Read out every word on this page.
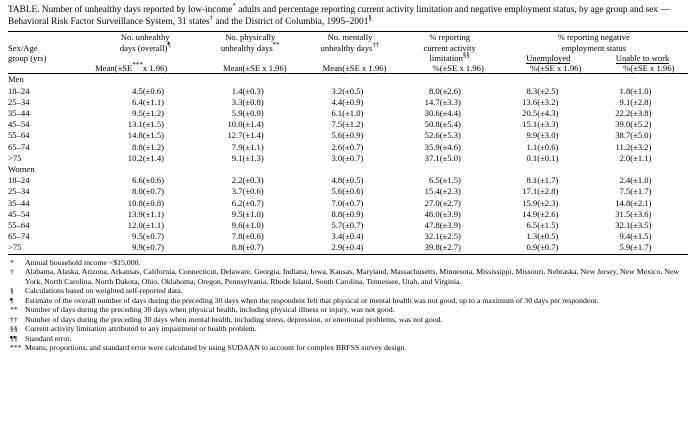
TABLE. Number of unhealthy days reported by low-income* adults and percentage reporting current activity limitation and negative employment status, by age group and sex — Behavioral Risk Factor Surveillance System, 31 states† and the District of Columbia, 1995–2001§
	No. unhealthy		No. physically		No. mentally		% reporting		% reporting negative			
Sex/Age	days (overall)¶		unhealthy days**		unhealthy days††		current activity		employment status			
group (yrs)							limitation§§		Unemployed		Unable to work	
	Mean(±SE***	x 1.96)	Mean	(±SE x 1.96)	Mean	(±SE x 1.96)	%	(±SE x 1.96)	%	(±SE x 1.96)	%	(±SE x 1.96)
Men												
18–24	4.5	(±0.6)	1.4	(±0.3)	3.2	(±0.5)	8.0	(±2.6)	8.3	(±2.5)	1.8	(±1.0)
25–34	6.4	(±1.1)	3.3	(±0.8)	4.4	(±0.9)	14.7	(±3.3)	13.6	(±3.2)	9.1	(±2.8)
35–44	9.5	(±1.2)	5.9	(±0.9)	6.1	(±1.0)	30.6	(±4.4)	20.5	(±4.3)	22.2	(±3.8)
45–54	13.1	(±1.5)	10.0	(±1.4)	7.5	(±1.2)	50.8	(±5.4)	15.1	(±3.3)	39.0	(±5.2)
55–64	14.8	(±1.5)	12.7	(±1.4)	5.6	(±0.9)	52.6	(±5.3)	9.9	(±3.0)	38.7	(±5.0)
65–74	8.8	(±1.2)	7.9	(±1.1)	2.6	(±0.7)	35.9	(±4.6)	1.1	(±0.6)	11.2	(±3.2)
>75	10.2	(±1.4)	9.1	(±1.3)	3.0	(±0.7)	37.1	(±5.0)	0.1	(±0.1)	2.0	(±1.1)
Women												
18–24	6.6	(±0.6)	2.2	(±0.3)	4.8	(±0.5)	6.5	(±1.5)	8.1	(±1.7)	2.4	(±1.0)
25–34	8.0	(±0.7)	3.7	(±0.6)	5.6	(±0.6)	15.4	(±2.3)	17.1	(±2.8)	7.5	(±1.7)
35–44	10.8	(±0.8)	6.2	(±0.7)	7.0	(±0.7)	27.0	(±2.7)	15.9	(±2.3)	14.8	(±2.1)
45–54	13.9	(±1.1)	9.5	(±1.0)	8.8	(±0.9)	46.0	(±3.9)	14.9	(±2.6)	31.5	(±3.6)
55–64	12.0	(±1.1)	9.6	(±1.0)	5.7	(±0.7)	47.8	(±3.9)	6.5	(±1.5)	32.1	(±3.5)
65–74	9.5	(±0.7)	7.8	(±0.6)	3.4	(±0.4)	32.1	(±2.5)	1.3	(±0.5)	9.4	(±1.5)
>75	9.9	(±0.7)	8.8	(±0.7)	2.9	(±0.4)	39.8	(±2.7)	0.9	(±0.7)	5.9	(±1.7)

*	Annual household income <$15,000.
†	Alabama, Alaska, Arizona, Arkansas, California, Connecticut, Delaware, Georgia, Indiana, Iowa, Kansas, Maryland, Massachusetts, Minnesota, Mississippi, Missouri, Nebraska, New Jersey, New Mexico, New York, North Carolina, North Dakota, Ohio, Oklahoma, Oregon, Pennsylvania, Rhode Island, South Carolina, Tennessee, Utah, and Virginia.
§	Calculations based on weighted self-reported data.
¶	Estimate of the overall number of days during the preceding 30 days when the respondent felt that physical or mental health was not good, up to a maximum of 30 days per respondent.
** Number of days during the preceding 30 days when physical health, including physical illness or injury, was not good.
†† Number of days during the preceding 30 days when mental health, including stress, depression, or emotional problems, was not good.
§§ Current activity limitation attributed to any impairment or health problem.
¶¶	Standard error.
*** Means, proportions, and standard error were calculated by using SUDAAN to account for complex BRFSS survey design.
